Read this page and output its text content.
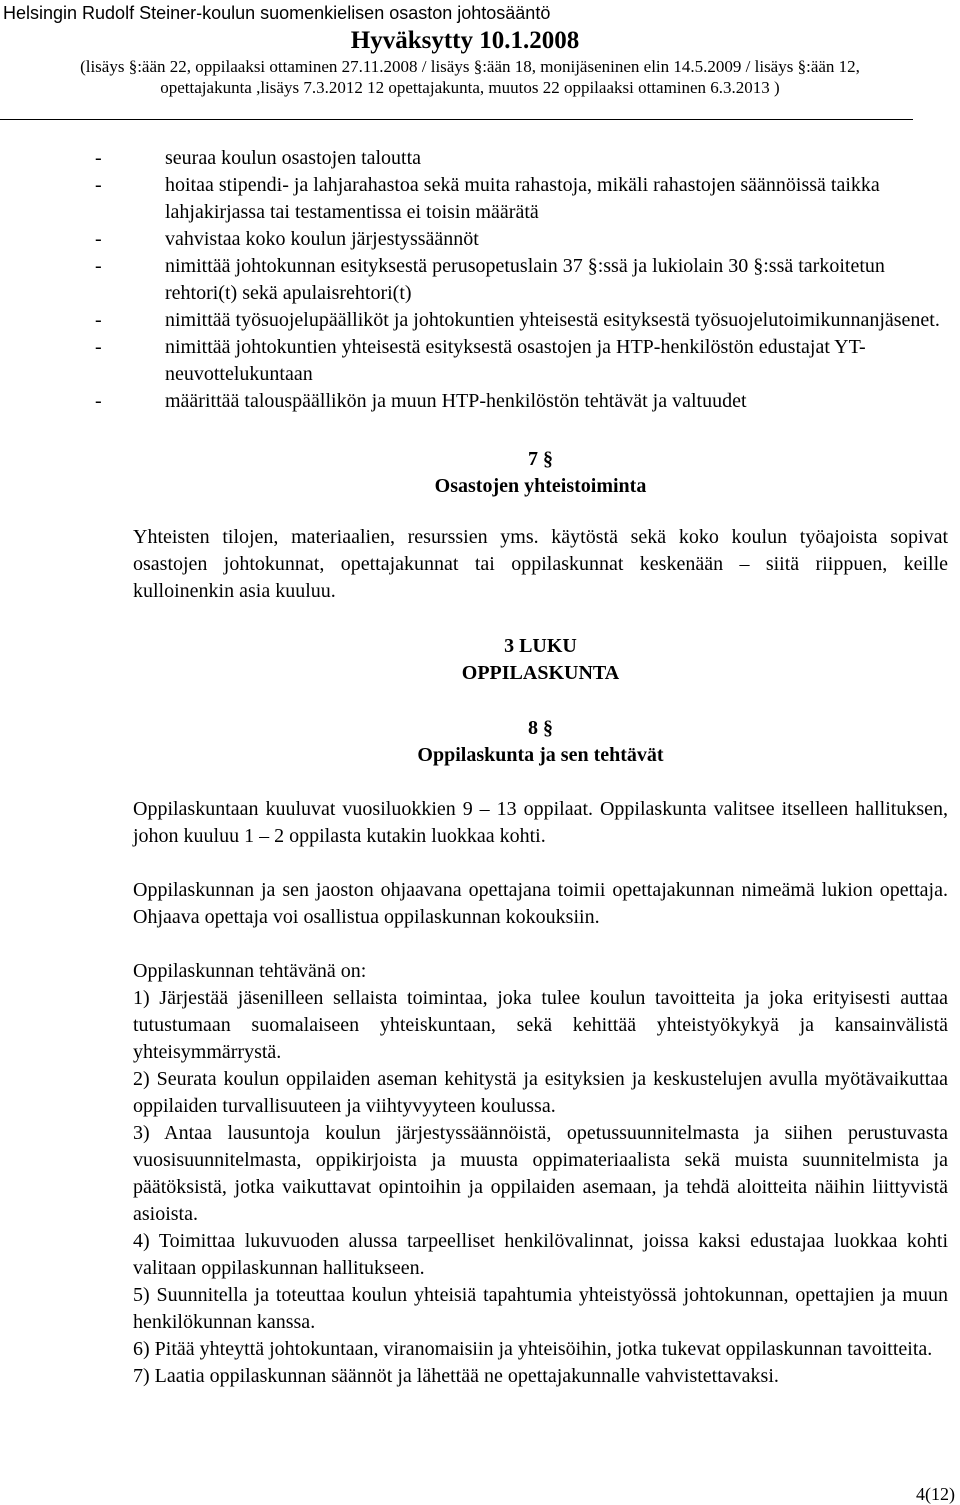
Helsingin Rudolf Steiner-koulun suomenkielisen osaston johtosääntö
Hyväksytty 10.1.2008
(lisäys §:ään 22, oppilaaksi ottaminen 27.11.2008 / lisäys §:ään 18, monijäseninen elin 14.5.2009 / lisäys §:ään 12,
opettajakunta ,lisäys 7.3.2012 12 opettajakunta, muutos 22 oppilaaksi ottaminen 6.3.2013 )
-	seuraa koulun osastojen taloutta
-	hoitaa stipendi- ja lahjarahastoa sekä muita rahastoja, mikäli rahastojen säännöissä taikka lahjakirjassa tai testamentissa ei toisin määrätä
-	vahvistaa koko koulun järjestyssäännöt
-	nimittää johtokunnan esityksestä perusopetuslain 37 §:ssä ja lukiolain 30 §:ssä tarkoitetun rehtori(t) sekä apulaisrehtori(t)
-	nimittää työsuojelupäälliköt ja johtokuntien yhteisestä esityksestä työsuojelutoimikunnanjäsenet.
-	nimittää johtokuntien yhteisestä esityksestä osastojen ja HTP-henkilöstön edustajat YT-neuvottelukuntaan
-	määrittää talouspäällikön ja muun HTP-henkilöstön tehtävät ja valtuudet
7 §
Osastojen yhteistoiminta

Yhteisten tilojen, materiaalien, resurssien yms. käytöstä sekä koko koulun työajoista sopivat osastojen johtokunnat, opettajakunnat tai oppilaskunnat keskenään – siitä riippuen, keille kulloinenkin asia kuuluu.

3 LUKU
OPPILASKUNTA
8 §
Oppilaskunta ja sen tehtävät

Oppilaskuntaan kuuluvat vuosiluokkien 9 – 13 oppilaat. Oppilaskunta valitsee itselleen hallituksen, johon kuuluu 1 – 2 oppilasta kutakin luokkaa kohti.

Oppilaskunnan ja sen jaoston ohjaavana opettajana toimii opettajakunnan nimeämä lukion opettaja. Ohjaava opettaja voi osallistua oppilaskunnan kokouksiin.

Oppilaskunnan tehtävänä on:

1) Järjestää jäsenilleen sellaista toimintaa, joka tulee koulun tavoitteita ja joka erityisesti auttaa tutustumaan suomalaiseen yhteiskuntaan, sekä kehittää yhteistyökykyä ja kansainvälistä yhteisymmärrystä.

2) Seurata koulun oppilaiden aseman kehitystä ja esityksien ja keskustelujen avulla myötävaikuttaa oppilaiden turvallisuuteen ja viihtyvyyteen koulussa.

3) Antaa lausuntoja koulun järjestyssäännöistä, opetussuunnitelmasta ja siihen perustuvasta vuosisuunnitelmasta, oppikirjoista ja muusta oppimateriaalista sekä muista suunnitelmista ja päätöksistä, jotka vaikuttavat opintoihin ja oppilaiden asemaan, ja tehdä aloitteita näihin liittyvistä asioista.

4) Toimittaa lukuvuoden alussa tarpeelliset henkilövalinnat, joissa kaksi edustajaa luokkaa kohti valitaan oppilaskunnan hallitukseen.

5) Suunnitella ja toteuttaa koulun yhteisiä tapahtumia yhteistyössä johtokunnan, opettajien ja muun henkilökunnan kanssa.

6) Pitää yhteyttä johtokuntaan, viranomaisiin ja yhteisöihin, jotka tukevat oppilaskunnan tavoitteita.

7) Laatia oppilaskunnan säännöt ja lähettää ne opettajakunnalle vahvistettavaksi.

4(12)
